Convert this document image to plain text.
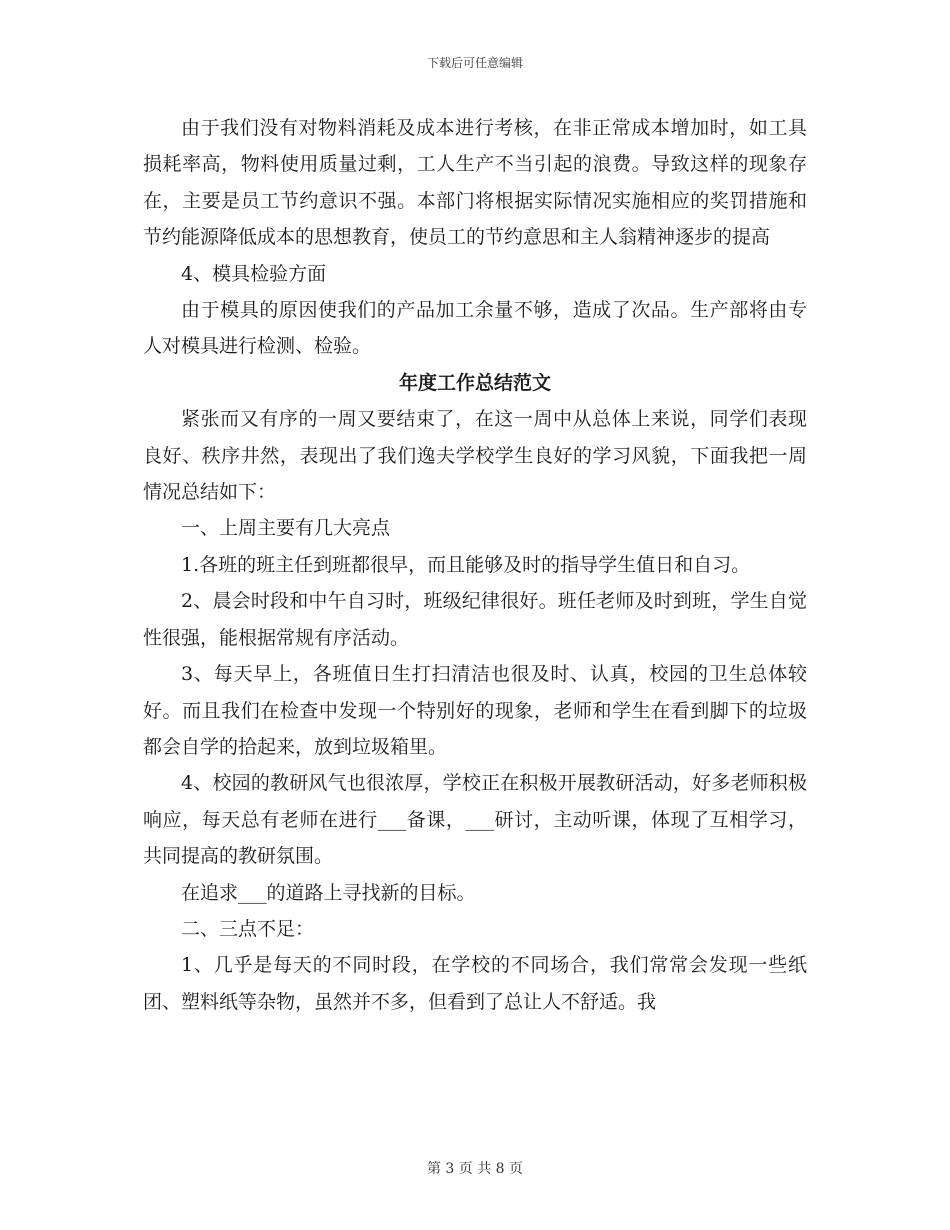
下载后可任意编辑

由于我们没有对物料消耗及成本进行考核，在非正常成本增加时，如工具损耗率高，物料使用质量过剩，工人生产不当引起的浪费。导致这样的现象存在，主要是员工节约意识不强。本部门将根据实际情况实施相应的奖罚措施和节约能源降低成本的思想教育，使员工的节约意思和主人翁精神逐步的提高

4、模具检验方面

由于模具的原因使我们的产品加工余量不够，造成了次品。生产部将由专人对模具进行检测、检验。

年度工作总结范文

紧张而又有序的一周又要结束了，在这一周中从总体上来说，同学们表现良好、秩序井然，表现出了我们逸夫学校学生良好的学习风貌，下面我把一周情况总结如下：

一、上周主要有几大亮点

1.各班的班主任到班都很早，而且能够及时的指导学生值日和自习。

2、晨会时段和中午自习时，班级纪律很好。班任老师及时到班，学生自觉性很强，能根据常规有序活动。

3、每天早上，各班值日生打扫清洁也很及时、认真，校园的卫生总体较好。而且我们在检查中发现一个特别好的现象，老师和学生在看到脚下的垃圾都会自学的拾起来，放到垃圾箱里。

4、校园的教研风气也很浓厚，学校正在积极开展教研活动，好多老师积极响应，每天总有老师在进行___备课，___研讨，主动听课，体现了互相学习，共同提高的教研氛围。

在追求___的道路上寻找新的目标。

二、三点不足：

1、几乎是每天的不同时段，在学校的不同场合，我们常常会发现一些纸团、塑料纸等杂物，虽然并不多，但看到了总让人不舒适。我

第 3 页 共 8 页
